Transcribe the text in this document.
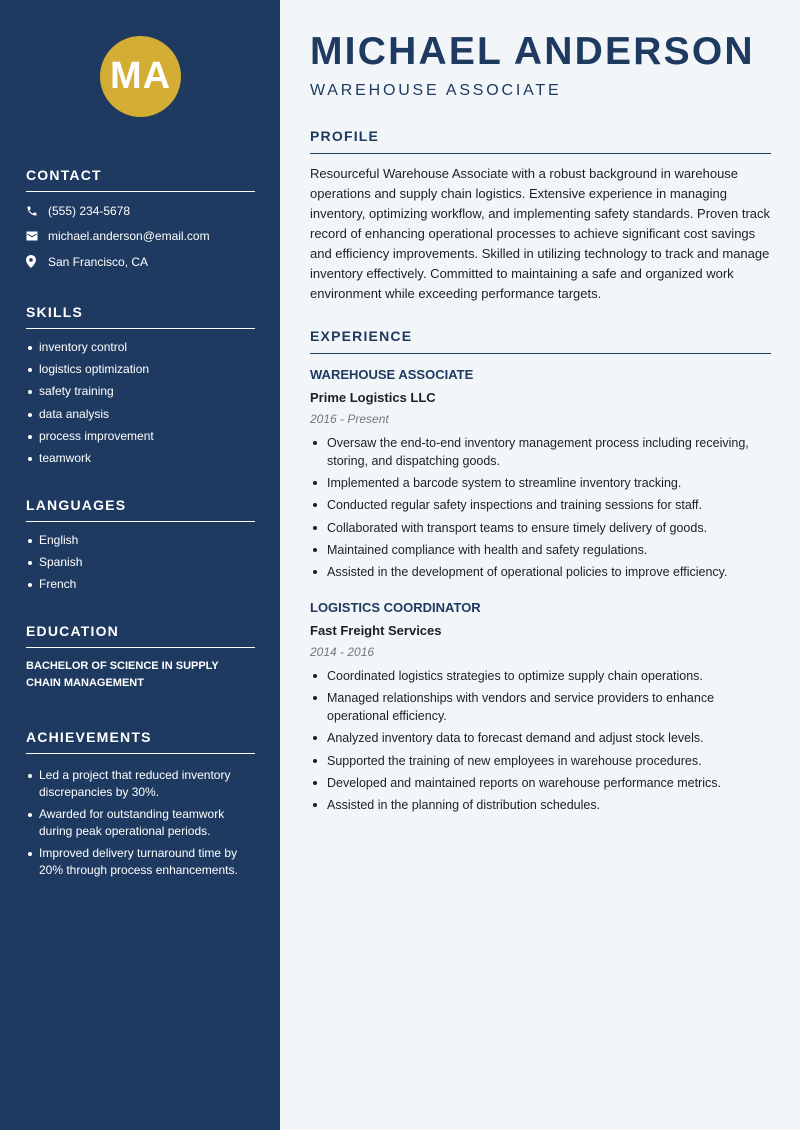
MA
CONTACT
(555) 234-5678
michael.anderson@email.com
San Francisco, CA
SKILLS
inventory control
logistics optimization
safety training
data analysis
process improvement
teamwork
LANGUAGES
English
Spanish
French
EDUCATION
BACHELOR OF SCIENCE IN SUPPLY CHAIN MANAGEMENT
ACHIEVEMENTS
Led a project that reduced inventory discrepancies by 30%.
Awarded for outstanding teamwork during peak operational periods.
Improved delivery turnaround time by 20% through process enhancements.
MICHAEL ANDERSON
WAREHOUSE ASSOCIATE
PROFILE

Resourceful Warehouse Associate with a robust background in warehouse operations and supply chain logistics. Extensive experience in managing inventory, optimizing workflow, and implementing safety standards. Proven track record of enhancing operational processes to achieve significant cost savings and efficiency improvements. Skilled in utilizing technology to track and manage inventory effectively. Committed to maintaining a safe and organized work environment while exceeding performance targets.

EXPERIENCE
WAREHOUSE ASSOCIATE
Prime Logistics LLC
2016 - Present
Oversaw the end-to-end inventory management process including receiving, storing, and dispatching goods.
Implemented a barcode system to streamline inventory tracking.
Conducted regular safety inspections and training sessions for staff.
Collaborated with transport teams to ensure timely delivery of goods.
Maintained compliance with health and safety regulations.
Assisted in the development of operational policies to improve efficiency.
LOGISTICS COORDINATOR
Fast Freight Services
2014 - 2016
Coordinated logistics strategies to optimize supply chain operations.
Managed relationships with vendors and service providers to enhance operational efficiency.
Analyzed inventory data to forecast demand and adjust stock levels.
Supported the training of new employees in warehouse procedures.
Developed and maintained reports on warehouse performance metrics.
Assisted in the planning of distribution schedules.
